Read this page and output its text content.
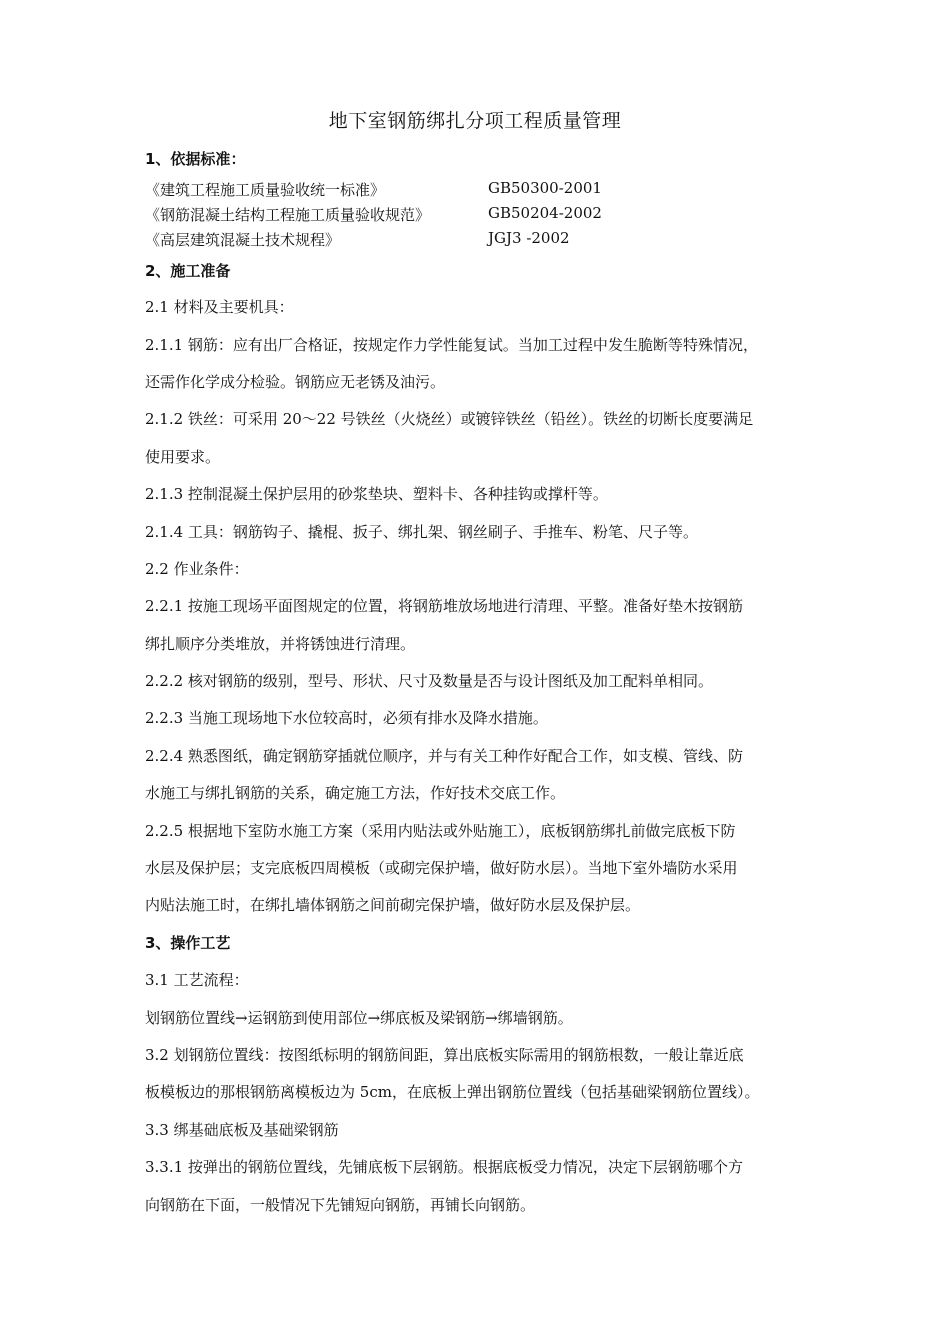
地下室钢筋绑扎分项工程质量管理
1、依据标准：
《建筑工程施工质量验收统一标准》	GB50300-2001
《钢筋混凝土结构工程施工质量验收规范》	GB50204-2002
《高层建筑混凝土技术规程》	JGJ3 -2002
2、施工准备
2.1 材料及主要机具：
2.1.1 钢筋：应有出厂合格证，按规定作力学性能复试。当加工过程中发生脆断等特殊情况，
还需作化学成分检验。钢筋应无老锈及油污。
2.1.2 铁丝：可采用 20～22 号铁丝（火烧丝）或镀锌铁丝（铅丝）。铁丝的切断长度要满足
使用要求。
2.1.3 控制混凝土保护层用的砂浆垫块、塑料卡、各种挂钩或撑杆等。
2.1.4 工具：钢筋钩子、撬棍、扳子、绑扎架、钢丝刷子、手推车、粉笔、尺子等。
2.2 作业条件：
2.2.1 按施工现场平面图规定的位置，将钢筋堆放场地进行清理、平整。准备好垫木按钢筋
绑扎顺序分类堆放，并将锈蚀进行清理。
2.2.2 核对钢筋的级别，型号、形状、尺寸及数量是否与设计图纸及加工配料单相同。
2.2.3 当施工现场地下水位较高时，必须有排水及降水措施。
2.2.4 熟悉图纸，确定钢筋穿插就位顺序，并与有关工种作好配合工作，如支模、管线、防
水施工与绑扎钢筋的关系，确定施工方法，作好技术交底工作。
2.2.5 根据地下室防水施工方案（采用内贴法或外贴施工），底板钢筋绑扎前做完底板下防
水层及保护层；支完底板四周模板（或砌完保护墙，做好防水层）。当地下室外墙防水采用
内贴法施工时，在绑扎墙体钢筋之间前砌完保护墙，做好防水层及保护层。
3、操作工艺
3.1 工艺流程：
划钢筋位置线→运钢筋到使用部位→绑底板及梁钢筋→绑墙钢筋。
3.2 划钢筋位置线：按图纸标明的钢筋间距，算出底板实际需用的钢筋根数，一般让靠近底
板模板边的那根钢筋离模板边为 5cm，在底板上弹出钢筋位置线（包括基础梁钢筋位置线）。
3.3 绑基础底板及基础梁钢筋
3.3.1 按弹出的钢筋位置线，先铺底板下层钢筋。根据底板受力情况，决定下层钢筋哪个方
向钢筋在下面，一般情况下先铺短向钢筋，再铺长向钢筋。
